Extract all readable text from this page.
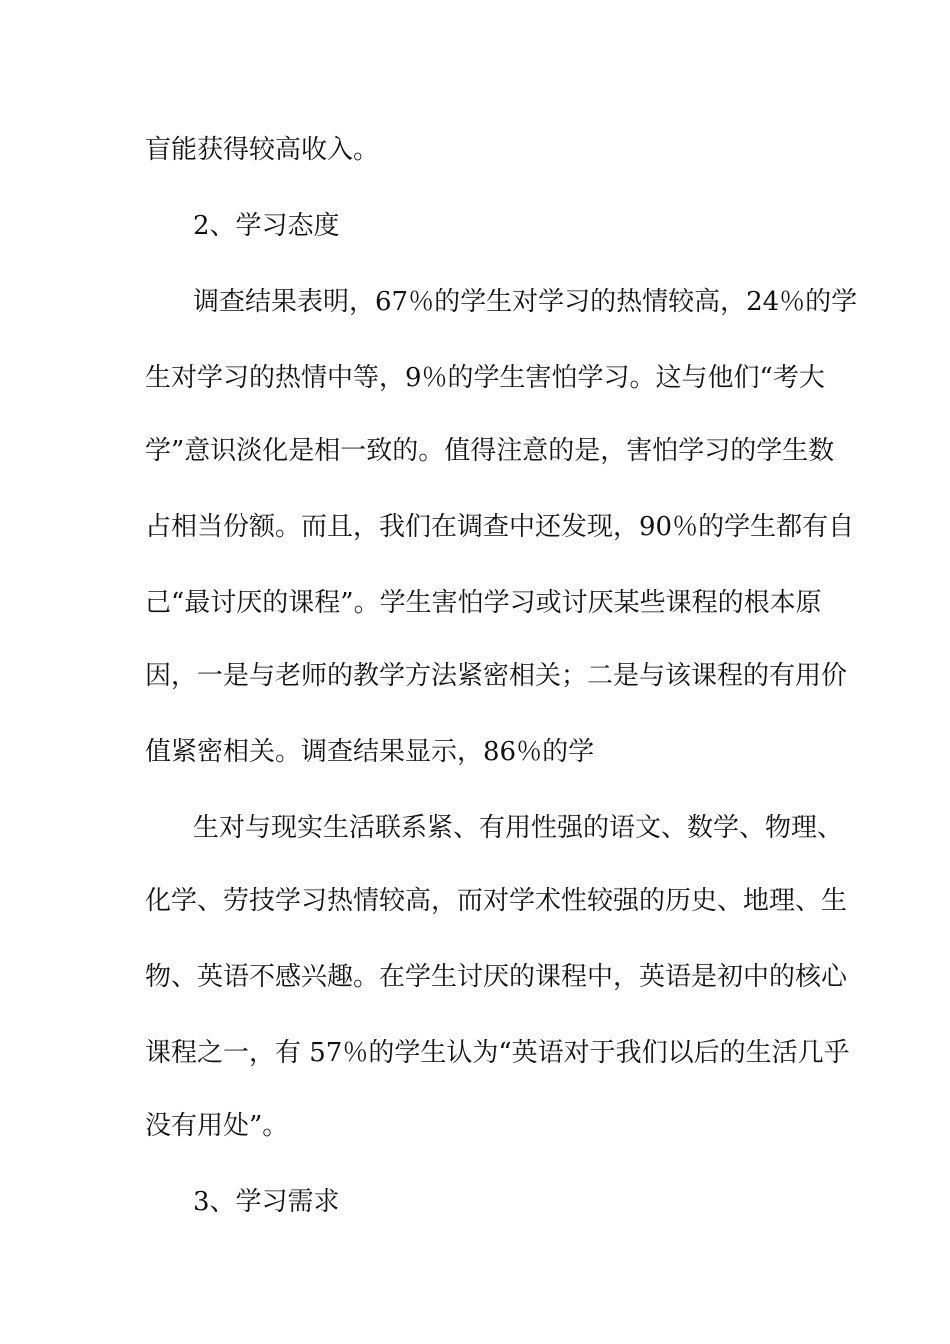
盲能获得较高收入。
2、学习态度
调查结果表明，67％的学生对学习的热情较高，24％的学
生对学习的热情中等，9％的学生害怕学习。这与他们“考大
学”意识淡化是相一致的。值得注意的是，害怕学习的学生数
占相当份额。而且，我们在调查中还发现，90％的学生都有自
己“最讨厌的课程”。学生害怕学习或讨厌某些课程的根本原
因，一是与老师的教学方法紧密相关；二是与该课程的有用价
值紧密相关。调查结果显示，86％的学
生对与现实生活联系紧、有用性强的语文、数学、物理、
化学、劳技学习热情较高，而对学术性较强的历史、地理、生
物、英语不感兴趣。在学生讨厌的课程中，英语是初中的核心
课程之一，有 57％的学生认为“英语对于我们以后的生活几乎
没有用处”。
3、学习需求
